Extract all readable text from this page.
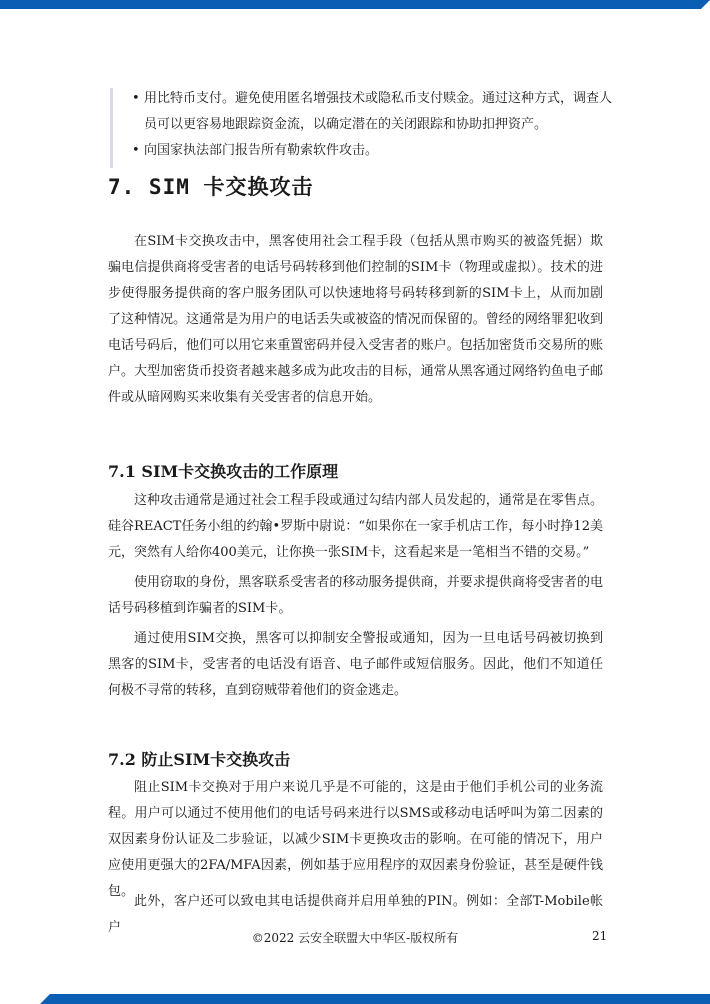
• 用比特币支付。避免使用匿名增强技术或隐私币支付赎金。通过这种方式，调查人员可以更容易地跟踪资金流，以确定潜在的关闭跟踪和协助扣押资产。
• 向国家执法部门报告所有勒索软件攻击。
7. SIM 卡交换攻击

在SIM卡交换攻击中，黑客使用社会工程手段（包括从黑市购买的被盗凭据）欺骗电信提供商将受害者的电话号码转移到他们控制的SIM卡（物理或虚拟）。技术的进步使得服务提供商的客户服务团队可以快速地将号码转移到新的SIM卡上，从而加剧了这种情况。这通常是为用户的电话丢失或被盗的情况而保留的。曾经的网络罪犯收到电话号码后，他们可以用它来重置密码并侵入受害者的账户。包括加密货币交易所的账户。大型加密货币投资者越来越多成为此攻击的目标，通常从黑客通过网络钓鱼电子邮件或从暗网购买来收集有关受害者的信息开始。

7.1 SIM卡交换攻击的工作原理

这种攻击通常是通过社会工程手段或通过勾结内部人员发起的，通常是在零售点。硅谷REACT任务小组的约翰•罗斯中尉说：“如果你在一家手机店工作，每小时挣12美元，突然有人给你400美元，让你换一张SIM卡，这看起来是一笔相当不错的交易。”

使用窃取的身份，黑客联系受害者的移动服务提供商，并要求提供商将受害者的电话号码移植到诈骗者的SIM卡。

通过使用SIM交换，黑客可以抑制安全警报或通知，因为一旦电话号码被切换到黑客的SIM卡，受害者的电话没有语音、电子邮件或短信服务。因此，他们不知道任何极不寻常的转移，直到窃贼带着他们的资金逃走。

7.2 防止SIM卡交换攻击

阻止SIM卡交换对于用户来说几乎是不可能的，这是由于他们手机公司的业务流程。用户可以通过不使用他们的电话号码来进行以SMS或移动电话呼叫为第二因素的双因素身份认证及二步验证，以减少SIM卡更换攻击的影响。在可能的情况下，用户应使用更强大的2FA/MFA因素，例如基于应用程序的双因素身份验证，甚至是硬件钱包。

此外，客户还可以致电其电话提供商并启用单独的PIN。例如：全部T-Mobile帐户

©2022 云安全联盟大中华区-版权所有	21
